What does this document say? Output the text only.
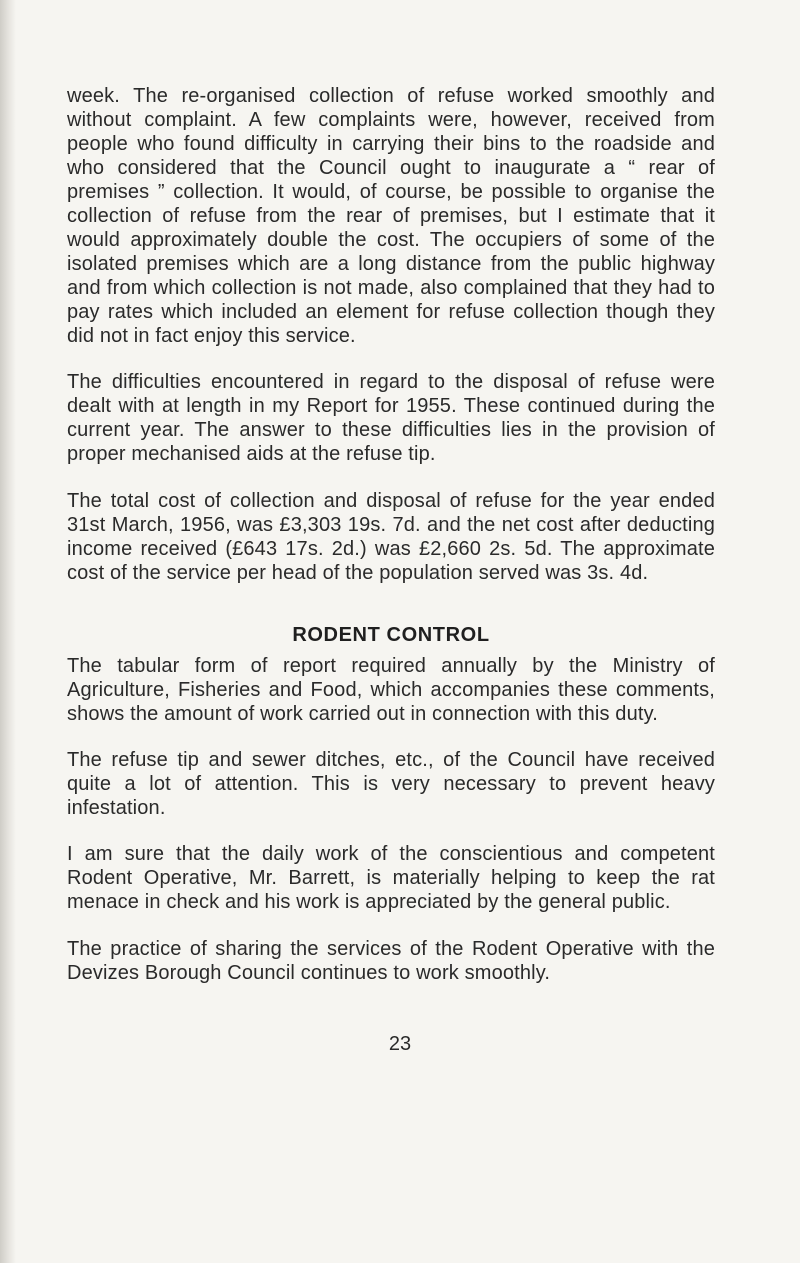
week. The re-organised collection of refuse worked smoothly and without complaint. A few complaints were, however, received from people who found difficulty in carrying their bins to the roadside and who considered that the Council ought to inaugurate a “ rear of premises ” collection. It would, of course, be possible to organise the collection of refuse from the rear of premises, but I estimate that it would approximately double the cost. The occupiers of some of the isolated premises which are a long distance from the public highway and from which collection is not made, also complained that they had to pay rates which included an element for refuse collection though they did not in fact enjoy this service.

The difficulties encountered in regard to the disposal of refuse were dealt with at length in my Report for 1955. These continued during the current year. The answer to these difficulties lies in the provision of proper mechanised aids at the refuse tip.

The total cost of collection and disposal of refuse for the year ended 31st March, 1956, was £3,303 19s. 7d. and the net cost after deducting income received (£643 17s. 2d.) was £2,660 2s. 5d. The approximate cost of the service per head of the population served was 3s. 4d.

RODENT CONTROL

The tabular form of report required annually by the Ministry of Agriculture, Fisheries and Food, which accompanies these comments, shows the amount of work carried out in connection with this duty.

The refuse tip and sewer ditches, etc., of the Council have received quite a lot of attention. This is very necessary to prevent heavy infestation.

I am sure that the daily work of the conscientious and competent Rodent Operative, Mr. Barrett, is materially helping to keep the rat menace in check and his work is appreciated by the general public.

The practice of sharing the services of the Rodent Operative with the Devizes Borough Council continues to work smoothly.

23
